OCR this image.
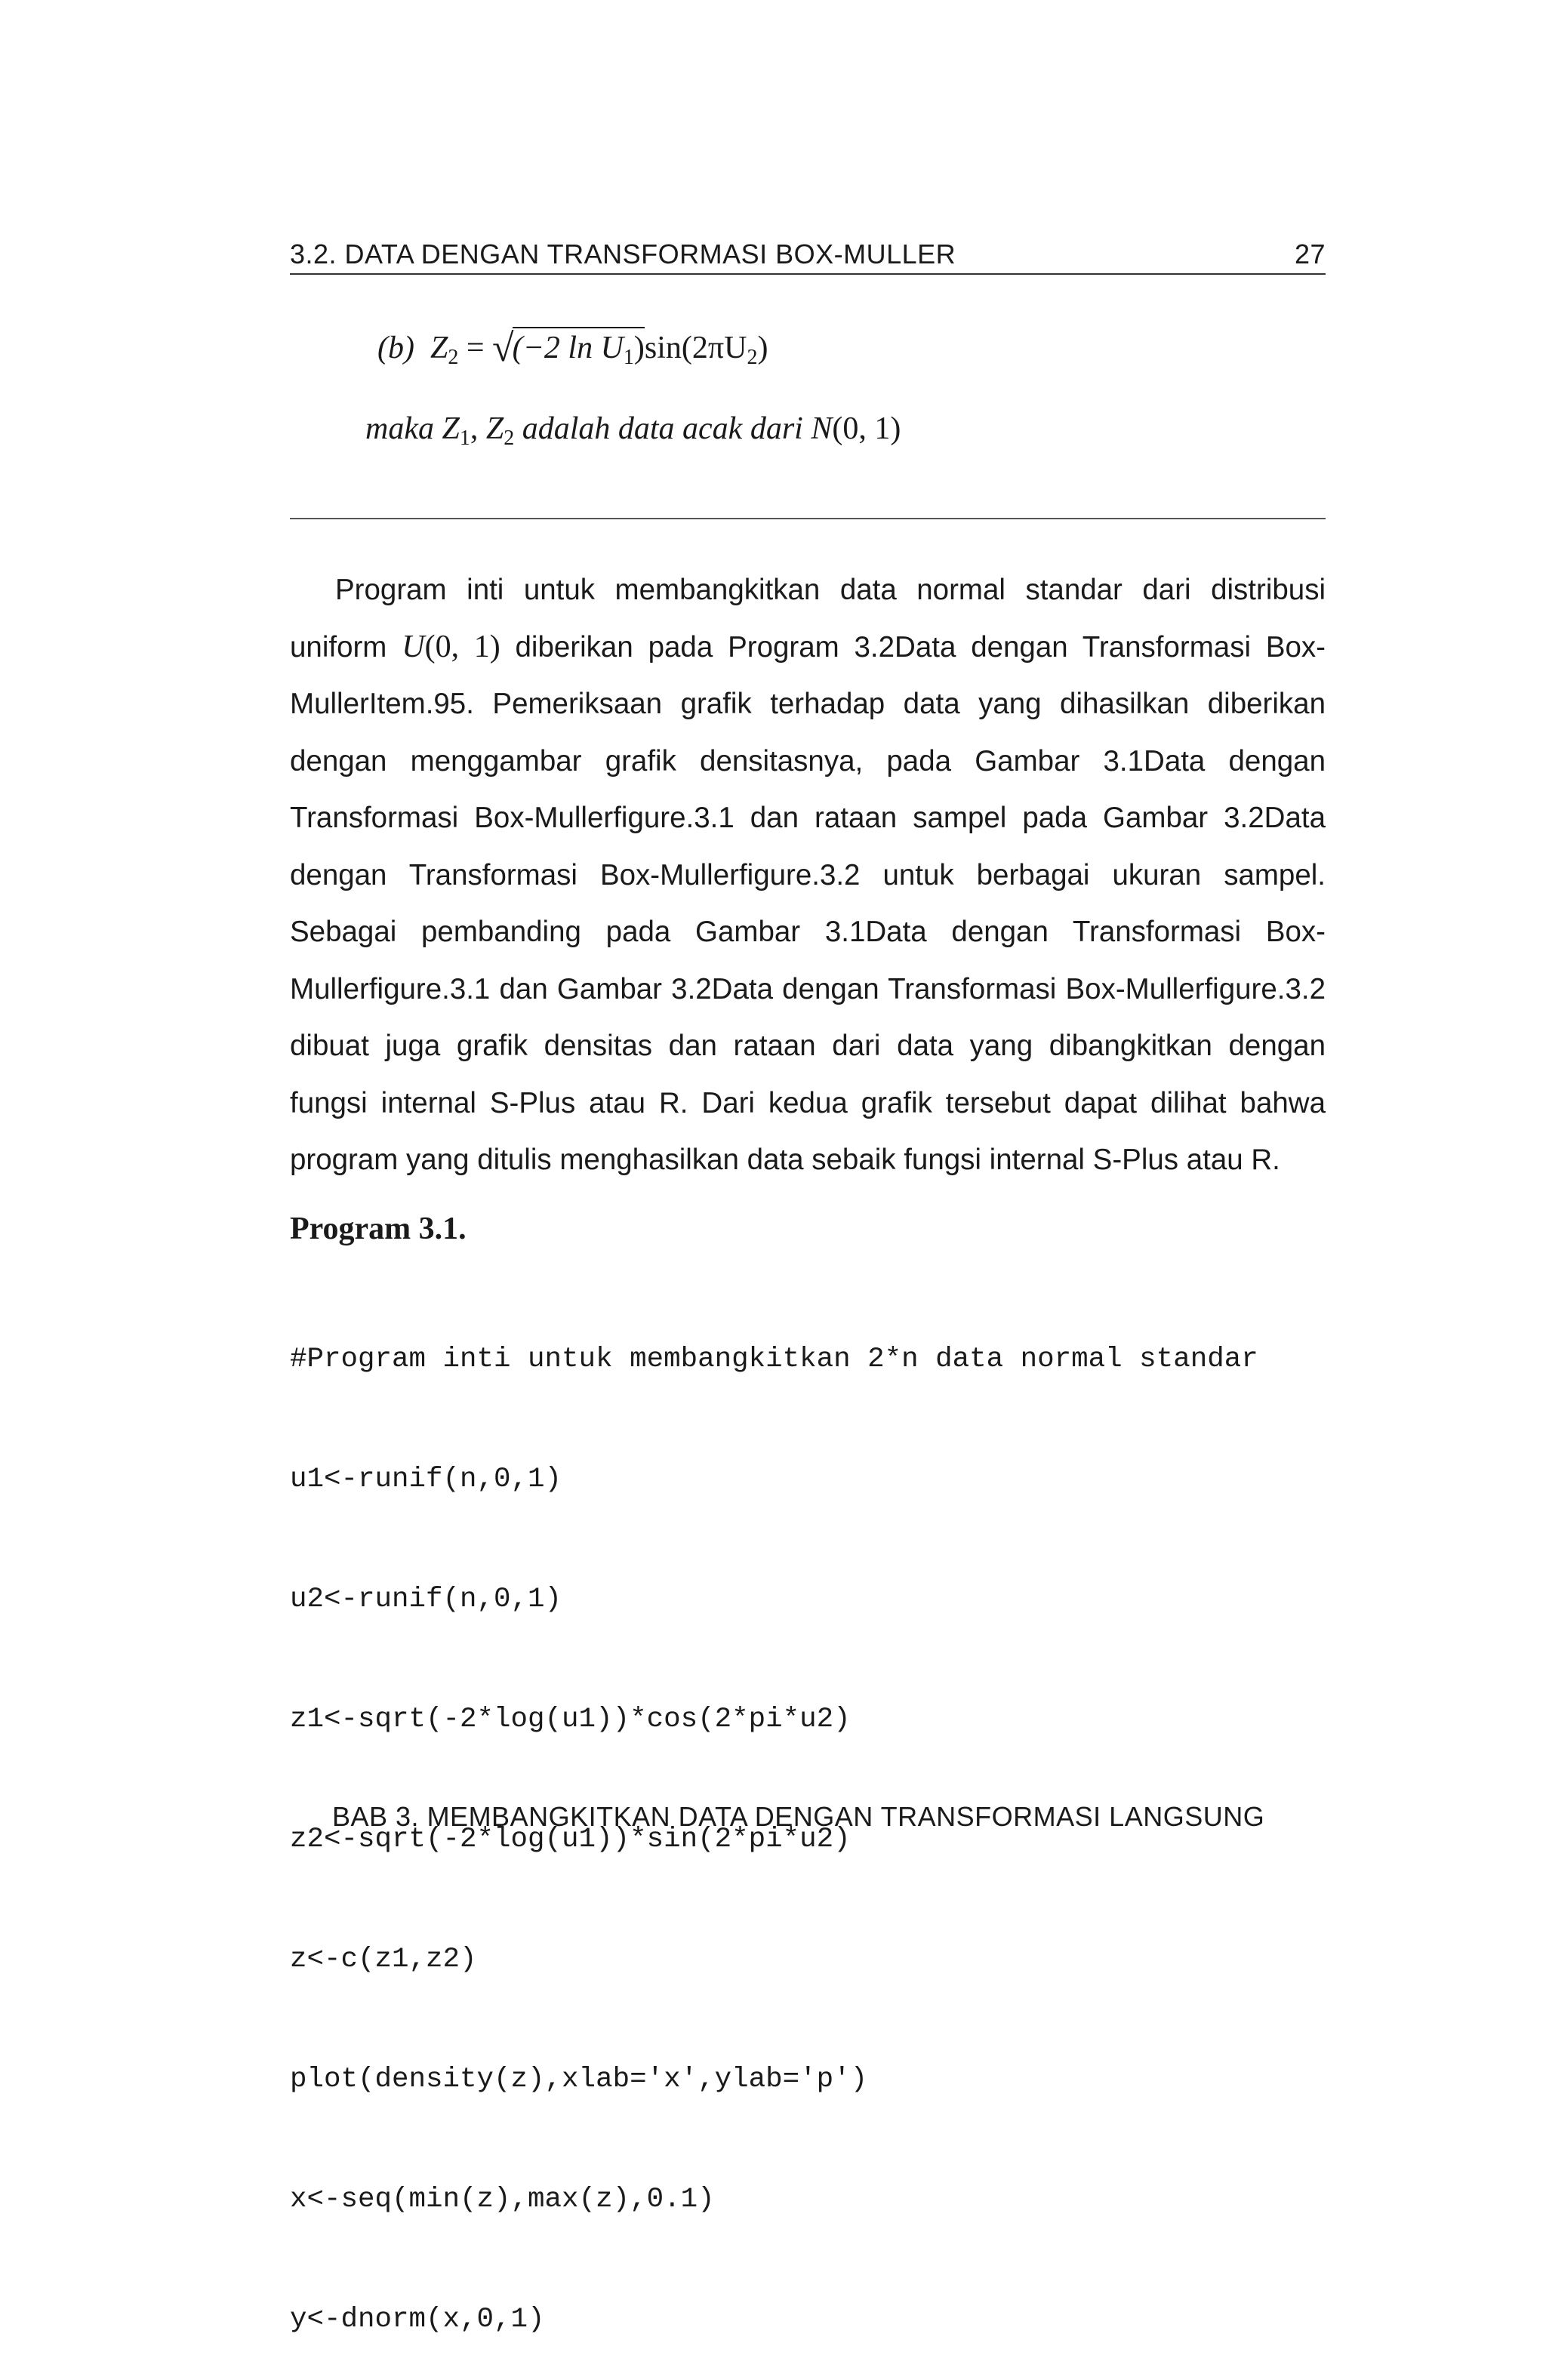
3.2. DATA DENGAN TRANSFORMASI BOX-MULLER	27
(b) $Z_2 = √(-2$ $\ln U_1)\sin(2\pi U_2)$
maka $Z_1$, $Z_2$ adalah data acak dari N(0, 1)
Program inti untuk membangkitkan data normal standar dari distribusi uniform U(0, 1) diberikan pada Program 3.2Data dengan Transformasi Box-MullerItem.95. Pemeriksaan grafik terhadap data yang dihasilkan diberikan dengan menggambar grafik densitasnya, pada Gambar 3.1Data dengan Transformasi Box-Mullerfigure.3.1 dan rataan sampel pada Gambar 3.2Data dengan Transformasi Box-Mullerfigure.3.2 untuk berbagai ukuran sampel. Sebagai pembanding pada Gambar 3.1Data dengan Transformasi Box-Mullerfigure.3.1 dan Gambar 3.2Data dengan Transformasi Box-Mullerfigure.3.2 dibuat juga grafik densitas dan rataan dari data yang dibangkitkan dengan fungsi internal S-Plus atau R. Dari kedua grafik tersebut dapat dilihat bahwa program yang ditulis menghasilkan data sebaik fungsi internal S-Plus atau R.
Program 3.1.

#Program inti untuk membangkitkan 2*n data normal standar

u1<-runif(n,0,1)

u2<-runif(n,0,1)

z1<-sqrt(-2*log(u1))*cos(2*pi*u2)

z2<-sqrt(-2*log(u1))*sin(2*pi*u2)

z<-c(z1,z2)

plot(density(z),xlab='x',ylab='p')

x<-seq(min(z),max(z),0.1)

y<-dnorm(x,0,1)

BAB 3. MEMBANGKITKAN DATA DENGAN TRANSFORMASI LANGSUNG
